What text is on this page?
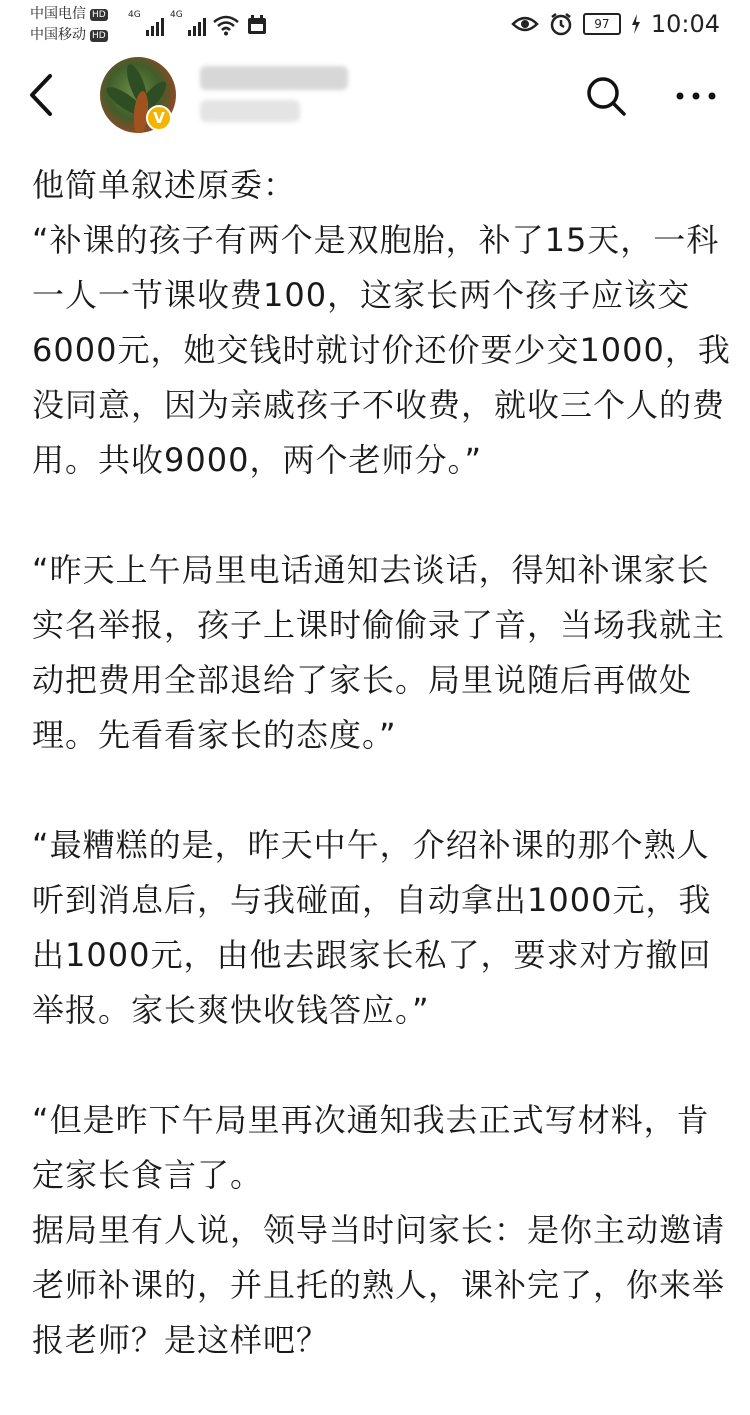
中国电信 HD
中国移动 HD
4G	4G
97 10:04
V

他简单叙述原委：

“补课的孩子有两个是双胞胎，补了15天，一科一人一节课收费100，这家长两个孩子应该交6000元，她交钱时就讨价还价要少交1000，我没同意，因为亲戚孩子不收费，就收三个人的费用。共收9000，两个老师分。”

“昨天上午局里电话通知去谈话，得知补课家长实名举报，孩子上课时偷偷录了音，当场我就主动把费用全部退给了家长。局里说随后再做处理。先看看家长的态度。”

“最糟糕的是，昨天中午，介绍补课的那个熟人听到消息后，与我碰面，自动拿出1000元，我出1000元，由他去跟家长私了，要求对方撤回举报。家长爽快收钱答应。”

“但是昨下午局里再次通知我去正式写材料，肯定家长食言了。

据局里有人说，领导当时问家长：是你主动邀请老师补课的，并且托的熟人，课补完了，你来举报老师？是这样吧？
